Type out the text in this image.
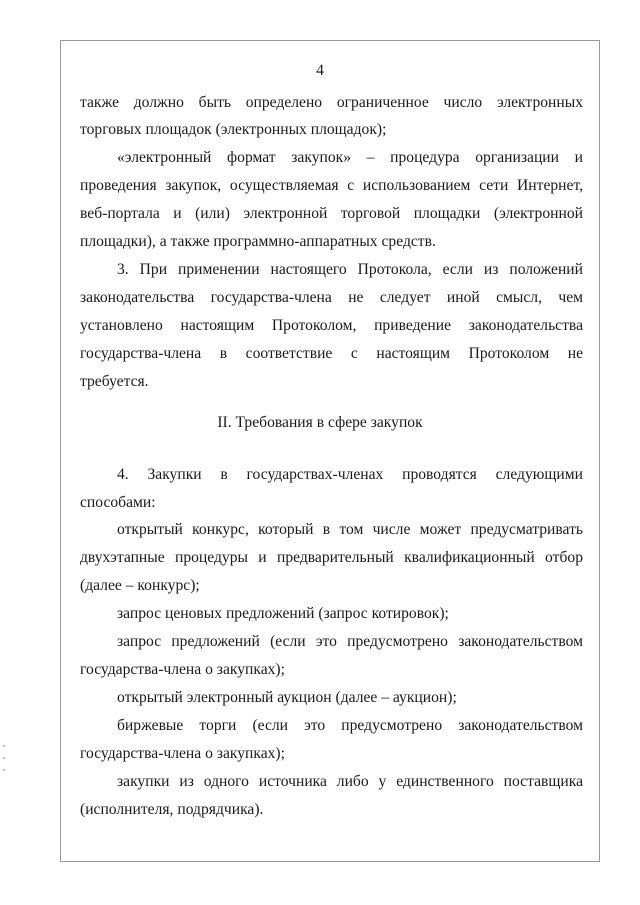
4
также должно быть определено ограниченное число электронных
торговых площадок (электронных площадок);
«электронный формат закупок» – процедура организации и
проведения закупок, осуществляемая с использованием сети Интернет,
веб-портала и (или) электронной торговой площадки (электронной
площадки), а также программно-аппаратных средств.
3. При применении настоящего Протокола, если из положений
законодательства государства-члена не следует иной смысл, чем
установлено настоящим Протоколом, приведение законодательства
государства-члена в соответствие с настоящим Протоколом не
требуется.
II. Требования в сфере закупок
4. Закупки в государствах-членах проводятся следующими
способами:
открытый конкурс, который в том числе может предусматривать
двухэтапные процедуры и предварительный квалификационный отбор
(далее – конкурс);
запрос ценовых предложений (запрос котировок);
запрос предложений (если это предусмотрено законодательством
государства-члена о закупках);
открытый электронный аукцион (далее – аукцион);
биржевые торги (если это предусмотрено законодательством
государства-члена о закупках);
закупки из одного источника либо у единственного поставщика
(исполнителя, подрядчика).
